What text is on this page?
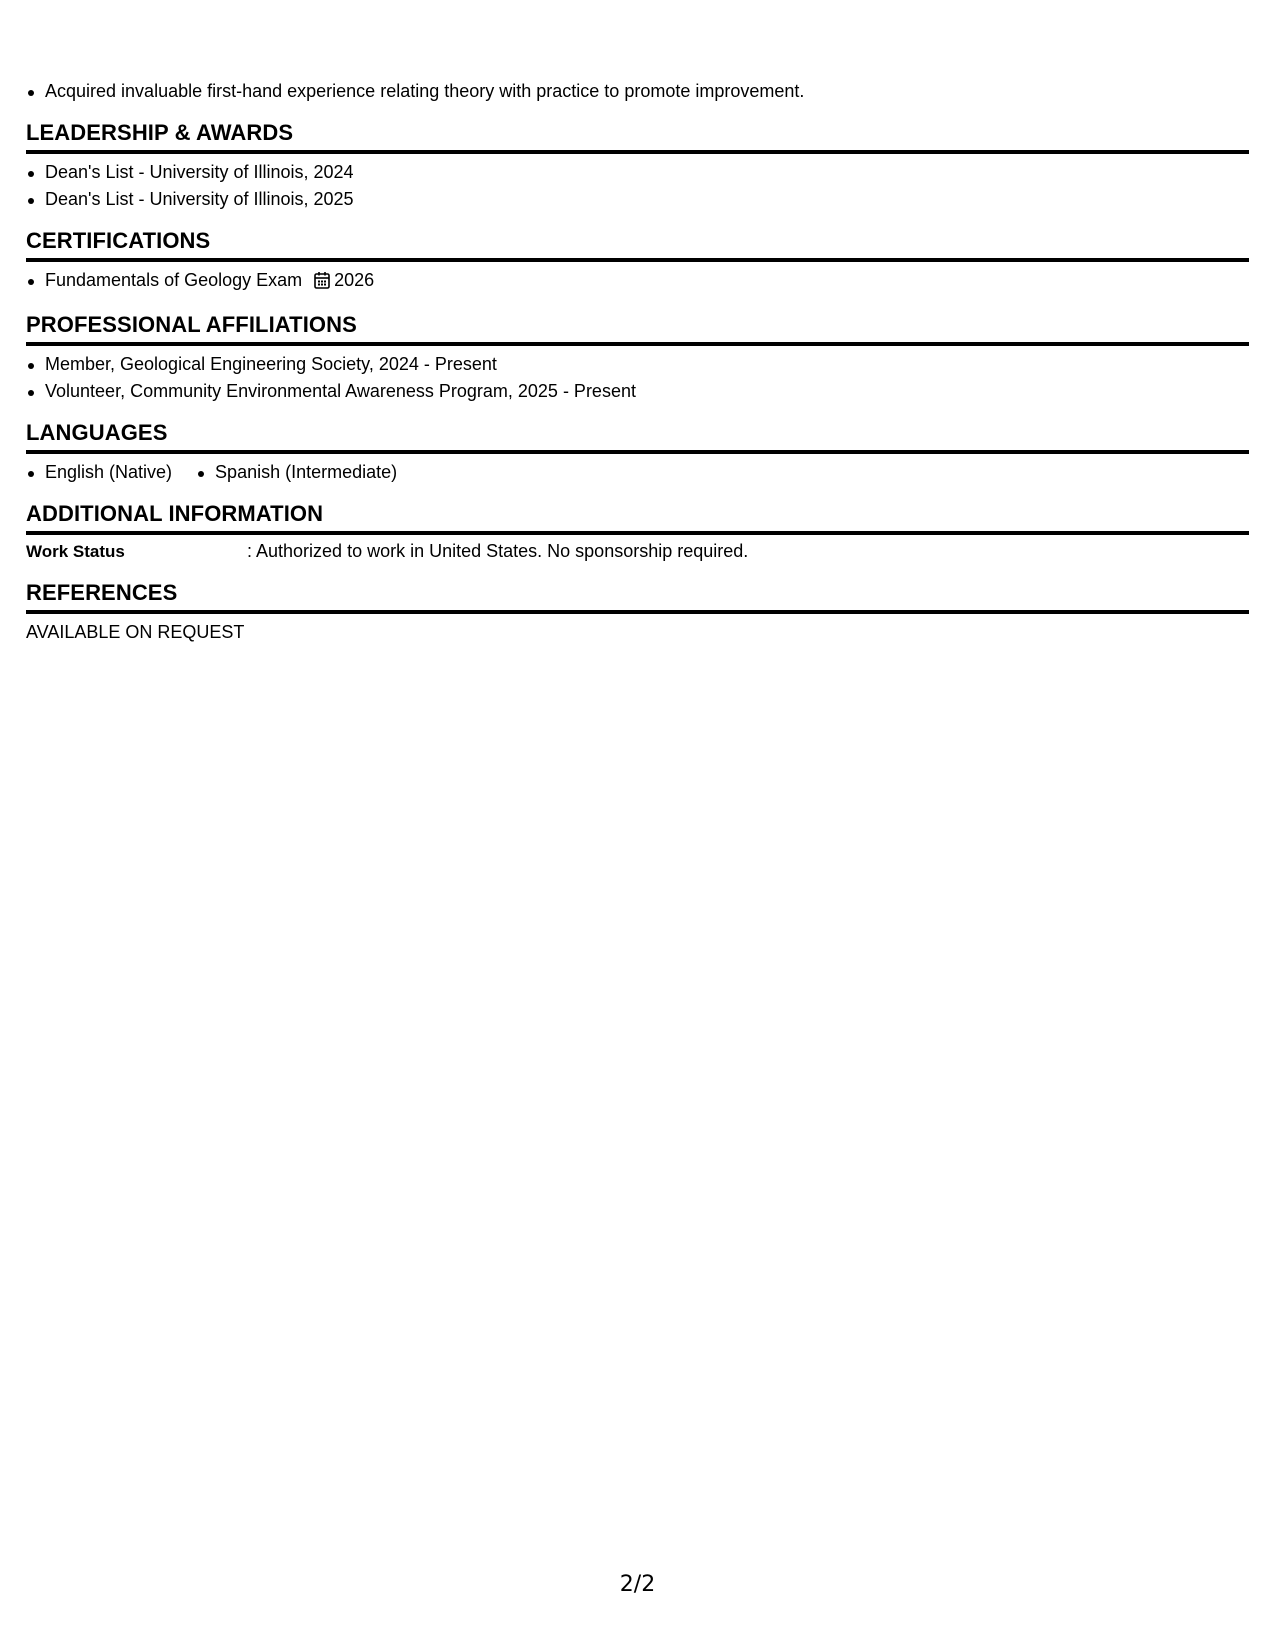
Acquired invaluable first-hand experience relating theory with practice to promote improvement.
LEADERSHIP & AWARDS
Dean's List - University of Illinois, 2024
Dean's List - University of Illinois, 2025
CERTIFICATIONS
Fundamentals of Geology Exam 2026
PROFESSIONAL AFFILIATIONS
Member, Geological Engineering Society, 2024 - Present
Volunteer, Community Environmental Awareness Program, 2025 - Present
LANGUAGES
English (Native)	Spanish (Intermediate)
ADDITIONAL INFORMATION
Work Status	: Authorized to work in United States. No sponsorship required.
REFERENCES
AVAILABLE ON REQUEST
2/2
